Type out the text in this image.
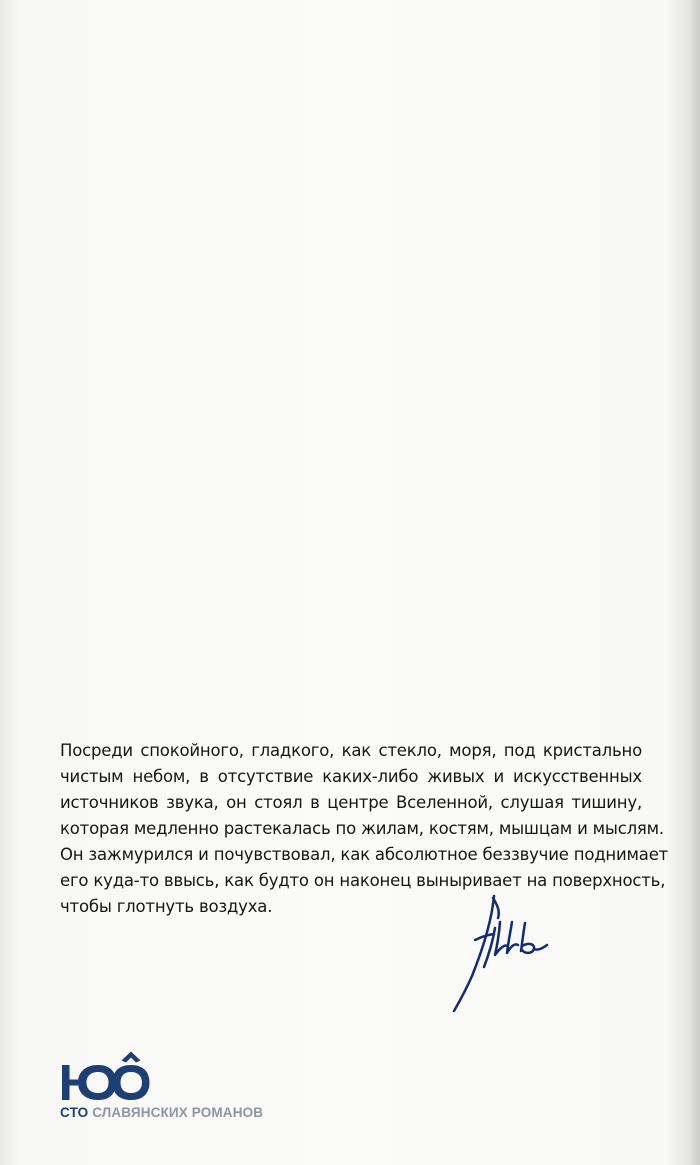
Посреди спокойного, гладкого, как стекло, моря, под кристально
чистым небом, в отсутствие каких-либо живых и искусственных
источников звука, он стоял в центре Вселенной, слушая тишину,
которая медленно растекалась по жилам, костям, мышцам и мыслям.
Он зажмурился и почувствовал, как абсолютное беззвучие поднимает
его куда-то ввысь, как будто он наконец выныривает на поверхность,
чтобы глотнуть воздуха.
СТО СЛАВЯНСКИХ РОМАНОВ
